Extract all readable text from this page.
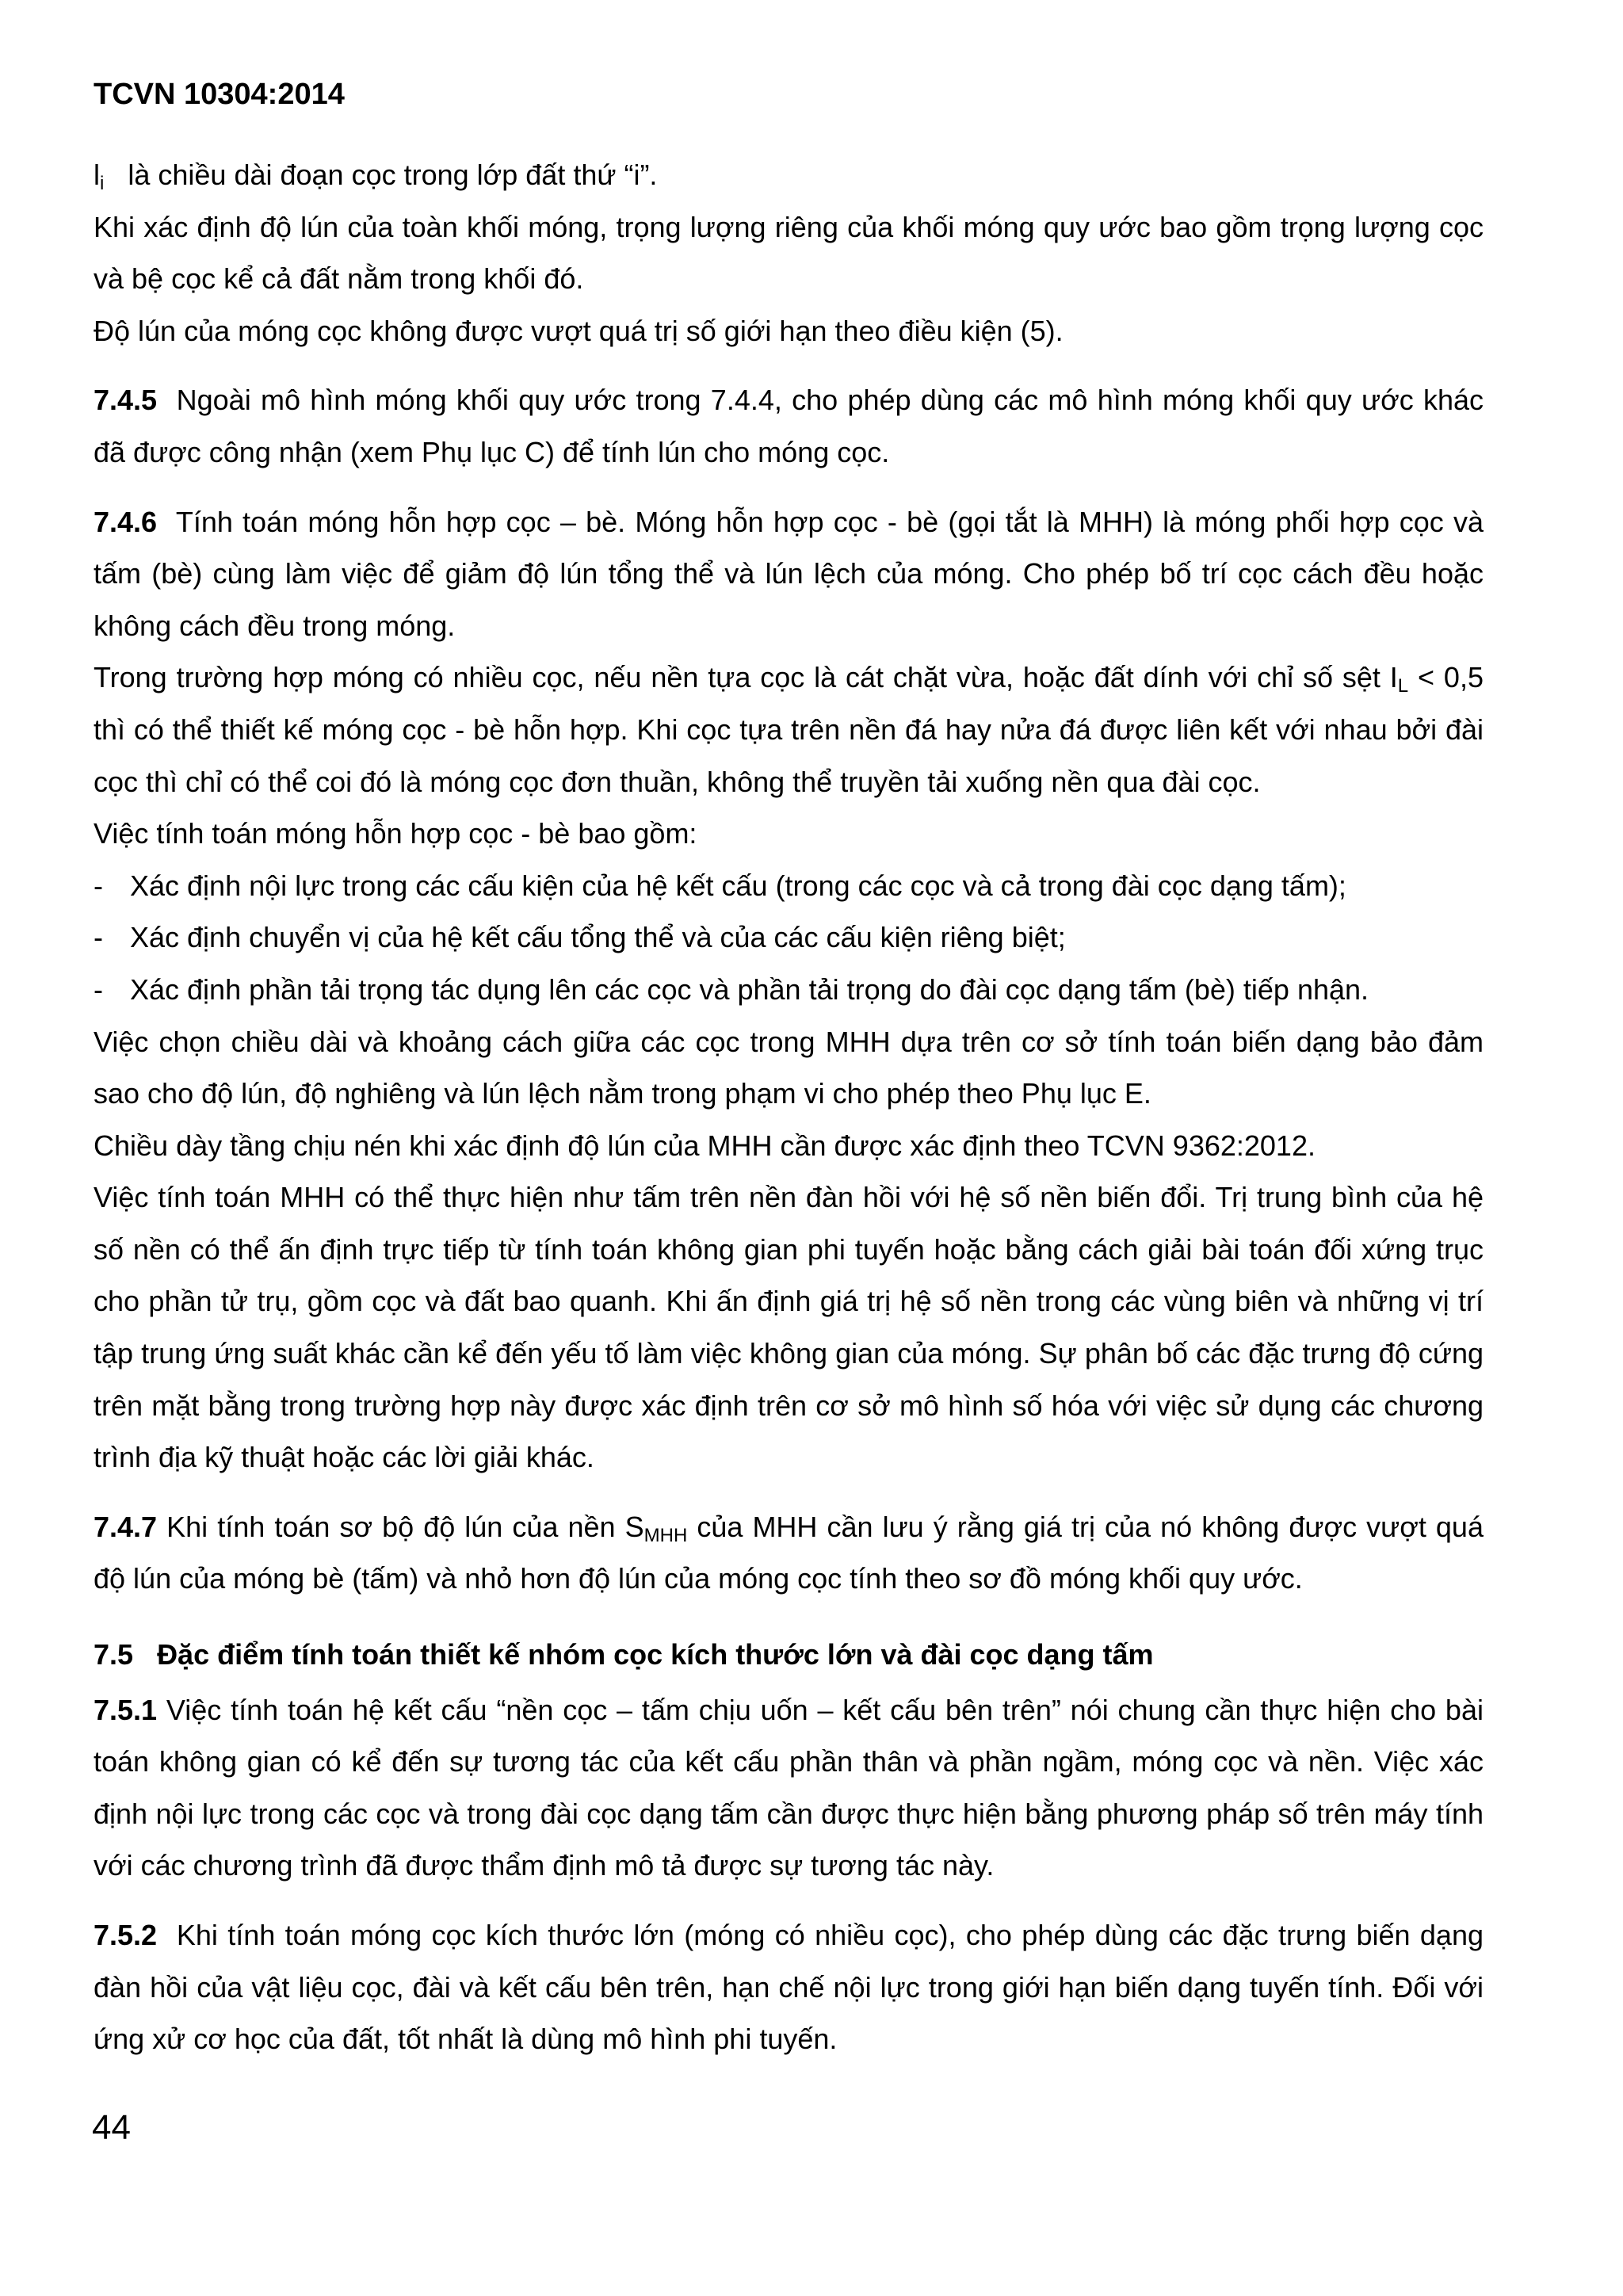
TCVN 10304:2014

$l_i$ là chiều dài đoạn cọc trong lớp đất thứ “i”.

Khi xác định độ lún của toàn khối móng, trọng lượng riêng của khối móng quy ước bao gồm trọng lượng cọc và bệ cọc kể cả đất nằm trong khối đó.

Độ lún của móng cọc không được vượt quá trị số giới hạn theo điều kiện (5).

7.4.5 Ngoài mô hình móng khối quy ước trong 7.4.4, cho phép dùng các mô hình móng khối quy ước khác đã được công nhận (xem Phụ lục C) để tính lún cho móng cọc.

7.4.6 Tính toán móng hỗn hợp cọc – bè. Móng hỗn hợp cọc - bè (gọi tắt là MHH) là móng phối hợp cọc và tấm (bè) cùng làm việc để giảm độ lún tổng thể và lún lệch của móng. Cho phép bố trí cọc cách đều hoặc không cách đều trong móng.

Trong trường hợp móng có nhiều cọc, nếu nền tựa cọc là cát chặt vừa, hoặc đất dính với chỉ số sệt $I_L < 0,5$ thì có thể thiết kế móng cọc - bè hỗn hợp. Khi cọc tựa trên nền đá hay nửa đá được liên kết với nhau bởi đài cọc thì chỉ có thể coi đó là móng cọc đơn thuần, không thể truyền tải xuống nền qua đài cọc.

Việc tính toán móng hỗn hợp cọc - bè bao gồm:

- Xác định nội lực trong các cấu kiện của hệ kết cấu (trong các cọc và cả trong đài cọc dạng tấm);
- Xác định chuyển vị của hệ kết cấu tổng thể và của các cấu kiện riêng biệt;
- Xác định phần tải trọng tác dụng lên các cọc và phần tải trọng do đài cọc dạng tấm (bè) tiếp nhận.

Việc chọn chiều dài và khoảng cách giữa các cọc trong MHH dựa trên cơ sở tính toán biến dạng bảo đảm sao cho độ lún, độ nghiêng và lún lệch nằm trong phạm vi cho phép theo Phụ lục E.

Chiều dày tầng chịu nén khi xác định độ lún của MHH cần được xác định theo TCVN 9362:2012.

Việc tính toán MHH có thể thực hiện như tấm trên nền đàn hồi với hệ số nền biến đổi. Trị trung bình của hệ số nền có thể ấn định trực tiếp từ tính toán không gian phi tuyến hoặc bằng cách giải bài toán đối xứng trục cho phần tử trụ, gồm cọc và đất bao quanh. Khi ấn định giá trị hệ số nền trong các vùng biên và những vị trí tập trung ứng suất khác cần kể đến yếu tố làm việc không gian của móng. Sự phân bố các đặc trưng độ cứng trên mặt bằng trong trường hợp này được xác định trên cơ sở mô hình số hóa với việc sử dụng các chương trình địa kỹ thuật hoặc các lời giải khác.

7.4.7 Khi tính toán sơ bộ độ lún của nền $S_{MHH}$ của MHH cần lưu ý rằng giá trị của nó không được vượt quá độ lún của móng bè (tấm) và nhỏ hơn độ lún của móng cọc tính theo sơ đồ móng khối quy ước.

7.5 Đặc điểm tính toán thiết kế nhóm cọc kích thước lớn và đài cọc dạng tấm

7.5.1 Việc tính toán hệ kết cấu “nền cọc – tấm chịu uốn – kết cấu bên trên” nói chung cần thực hiện cho bài toán không gian có kể đến sự tương tác của kết cấu phần thân và phần ngầm, móng cọc và nền. Việc xác định nội lực trong các cọc và trong đài cọc dạng tấm cần được thực hiện bằng phương pháp số trên máy tính với các chương trình đã được thẩm định mô tả được sự tương tác này.

7.5.2 Khi tính toán móng cọc kích thước lớn (móng có nhiều cọc), cho phép dùng các đặc trưng biến dạng đàn hồi của vật liệu cọc, đài và kết cấu bên trên, hạn chế nội lực trong giới hạn biến dạng tuyến tính. Đối với ứng xử cơ học của đất, tốt nhất là dùng mô hình phi tuyến.

44
